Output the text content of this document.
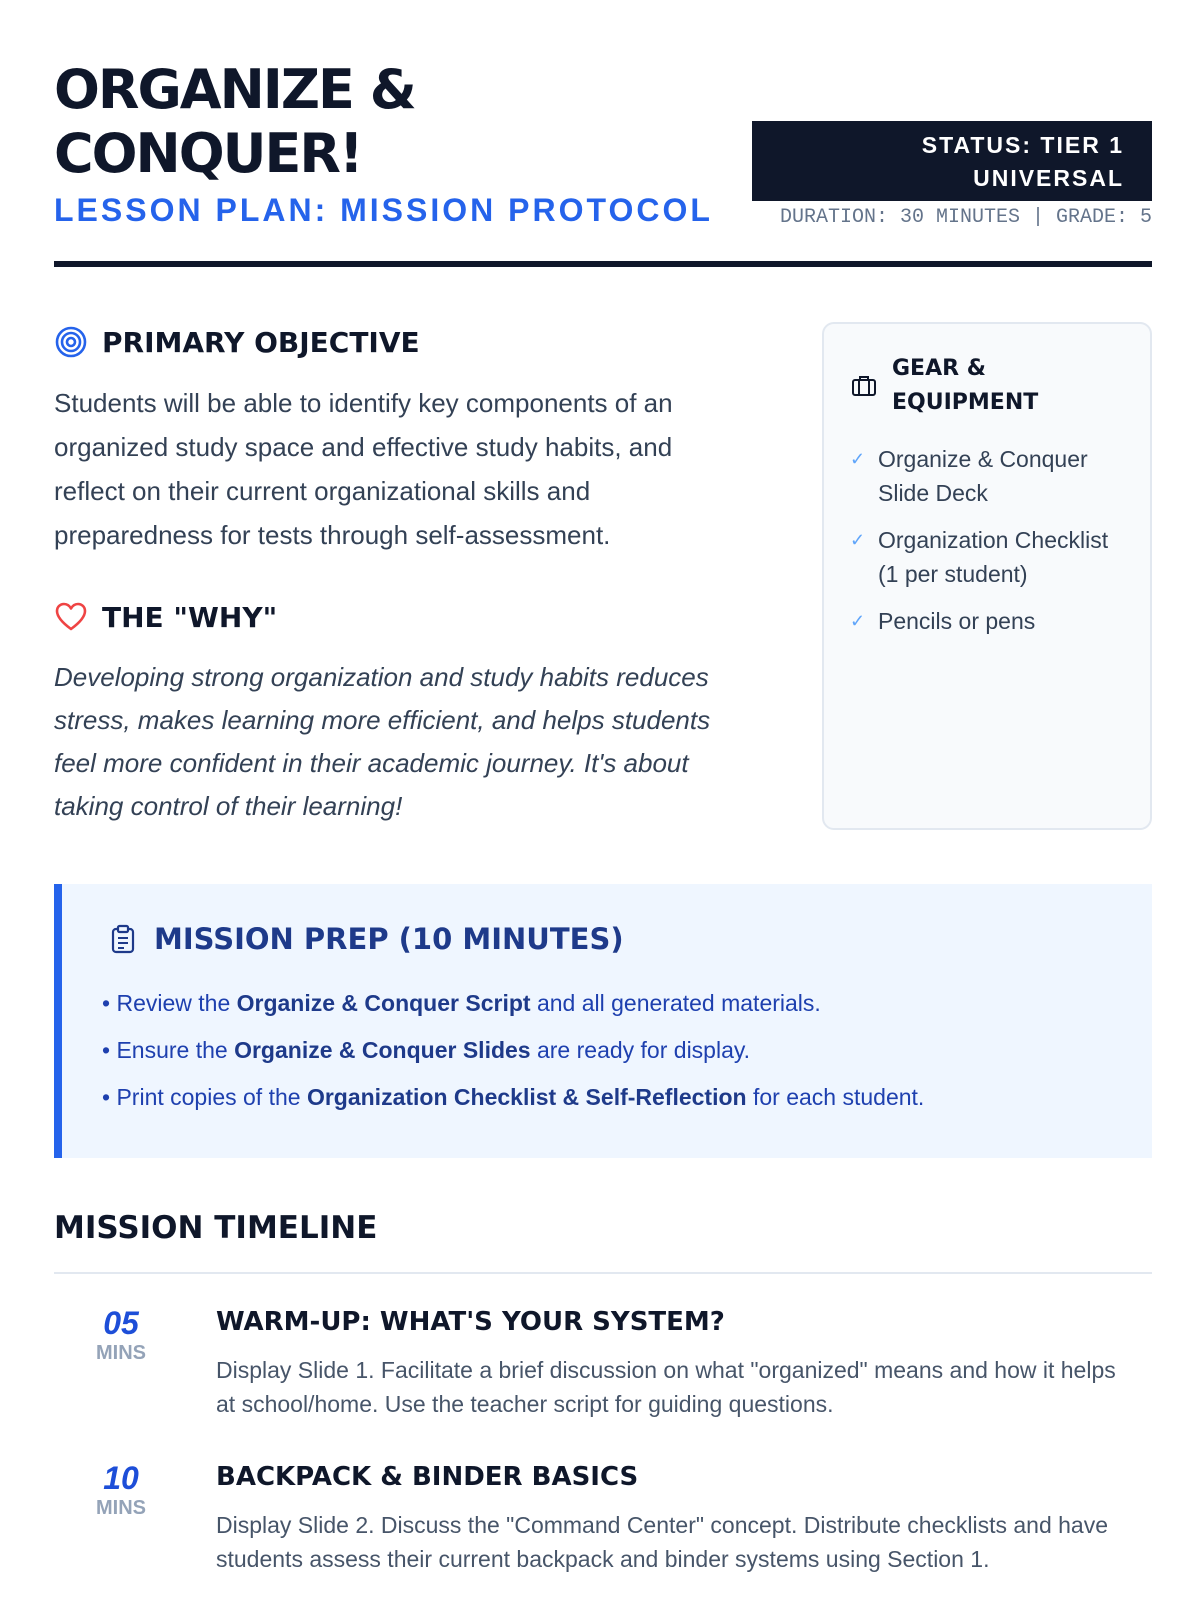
ORGANIZE &
CONQUER!
LESSON PLAN: MISSION PROTOCOL
STATUS: TIER 1
UNIVERSAL
DURATION: 30 MINUTES | GRADE: 5
PRIMARY OBJECTIVE

Students will be able to identify key components of an organized study space and effective study habits, and reflect on their current organizational skills and preparedness for tests through self-assessment.

THE "WHY"

Developing strong organization and study habits reduces stress, makes learning more efficient, and helps students feel more confident in their academic journey. It's about taking control of their learning!

GEAR &
EQUIPMENT
✓ Organize & Conquer Slide Deck
✓ Organization Checklist (1 per student)
✓ Pencils or pens
MISSION PREP (10 MINUTES)
• Review the Organize & Conquer Script and all generated materials.
• Ensure the Organize & Conquer Slides are ready for display.
• Print copies of the Organization Checklist & Self-Reflection for each student.
MISSION TIMELINE
05
MINS
WARM-UP: WHAT'S YOUR SYSTEM?

Display Slide 1. Facilitate a brief discussion on what "organized" means and how it helps at school/home. Use the teacher script for guiding questions.

10
MINS
BACKPACK & BINDER BASICS

Display Slide 2. Discuss the "Command Center" concept. Distribute checklists and have students assess their current backpack and binder systems using Section 1.
